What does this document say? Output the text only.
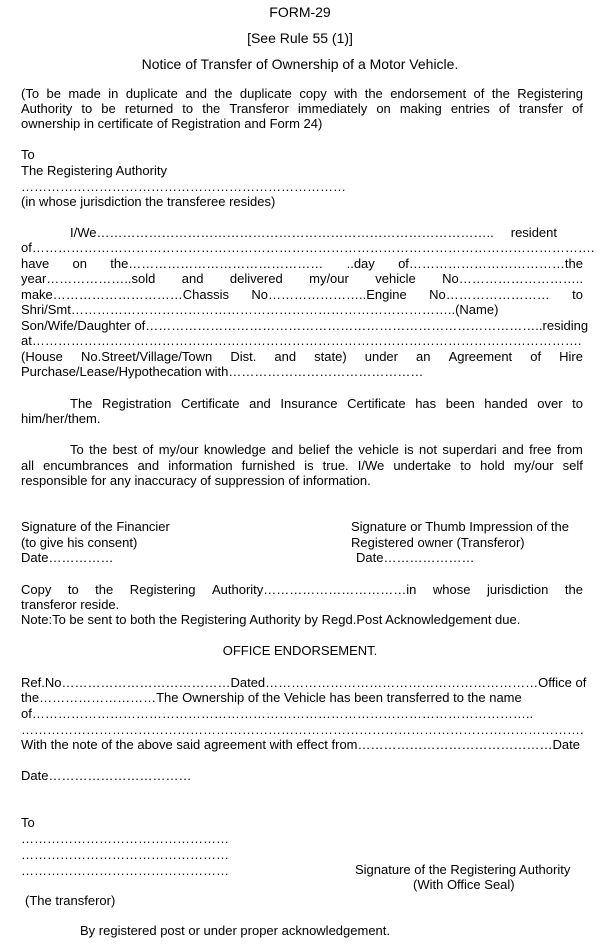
FORM-29
[See Rule 55 (1)]
Notice of Transfer of Ownership of a Motor Vehicle.
(To be made in duplicate and the duplicate copy with the endorsement of the Registering
Authority to be returned to the Transferor immediately on making entries of transfer of
ownership in certificate of Registration and Form 24)
To
The Registering Authority
…………………………………………………………………
(in whose jurisdiction the transferee resides)
I/We……………………………………………………………………………….. resident
of………………………………………………………………………………………………………………….
have on the……………………………………… ..day of………………………………the
year………………..sold and delivered my/our vehicle No………………………..
make…………………………Chassis No…………………..Engine No…………………… to
Shri/Smt……………………………………………………………………………..(Name)
Son/Wife/Daughter of……………………………………………………………………………… ..residing
at……………………………………………………………………………………………………………….
(House No.Street/Village/Town Dist. and state) under an Agreement of Hire
Purchase/Lease/Hypothecation with………………………………………
The Registration Certificate and Insurance Certificate has been handed over to
him/her/them.
To the best of my/our knowledge and belief the vehicle is not superdari and free from
all encumbrances and information furnished is true. I/We undertake to hold my/our self
responsible for any inaccuracy of suppression of information.
Signature of the Financier
(to give his consent)
Date……………
Signature or Thumb Impression of the
Registered owner (Transferor)
Date…………………
Copy to the Registering Authority……………………………in whose jurisdiction the
transferor reside.
Note:To be sent to both the Registering Authority by Regd.Post Acknowledgement due.
OFFICE ENDORSEMENT.
Ref.No…………………………………Dated………………………………………………………Office of
the………………………The Ownership of the Vehicle has been transferred to the name
of……………………………………………………………………………………………………..
………………………………………………………………………………………………………………….
With the note of the above said agreement with effect from………………………………………Date
Date……………………………
To
…………………………………………
…………………………………………
…………………………………………	Signature of the Registering Authority
(With Office Seal)
(The transferor)
By registered post or under proper acknowledgement.
